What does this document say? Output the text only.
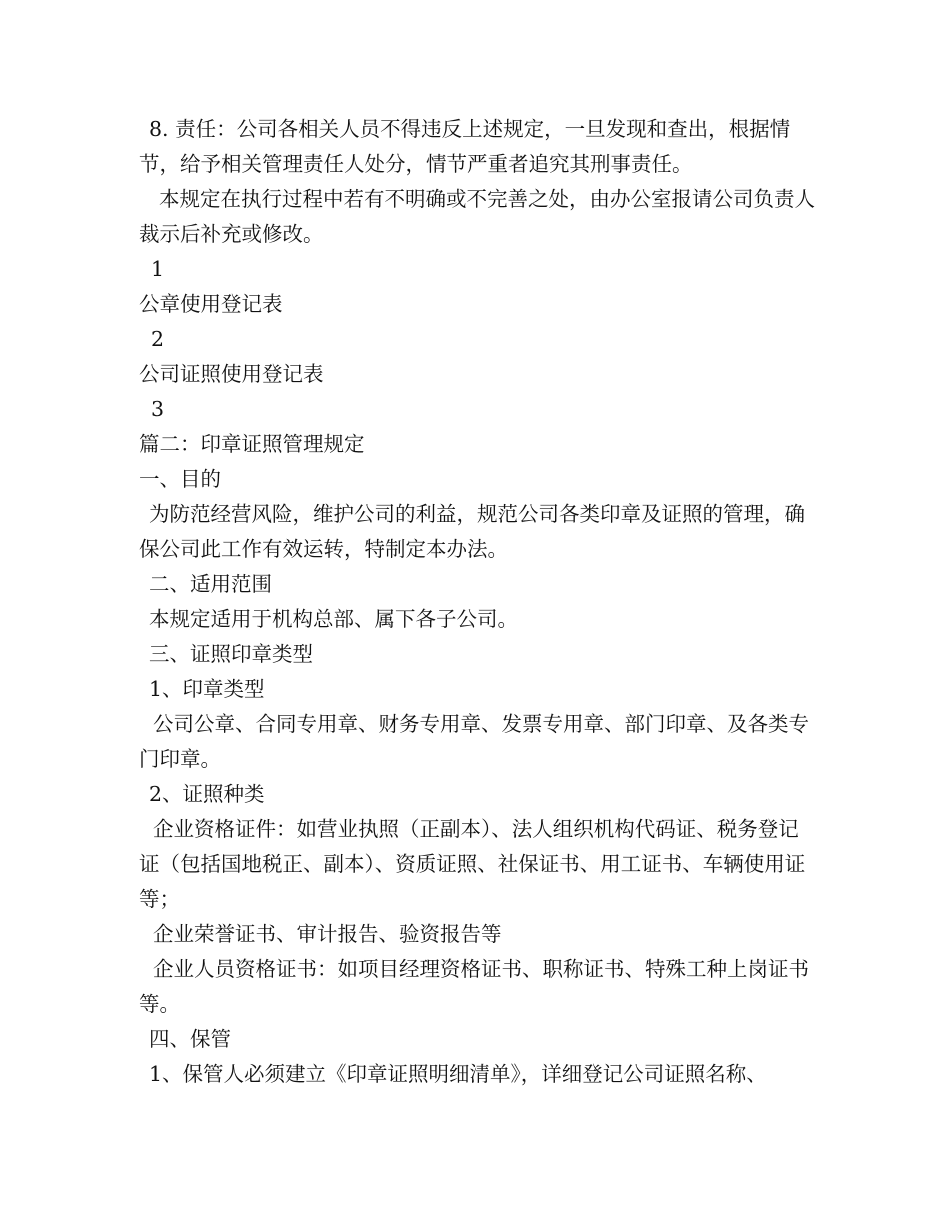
8. 责任：公司各相关人员不得违反上述规定，一旦发现和查出，根据情节，给予相关管理责任人处分，情节严重者追究其刑事责任。

本规定在执行过程中若有不明确或不完善之处，由办公室报请公司负责人裁示后补充或修改。

1

公章使用登记表

2

公司证照使用登记表

3

篇二：印章证照管理规定

一、目的

为防范经营风险，维护公司的利益，规范公司各类印章及证照的管理，确保公司此工作有效运转，特制定本办法。

二、适用范围

本规定适用于机构总部、属下各子公司。

三、证照印章类型

1、印章类型

公司公章、合同专用章、财务专用章、发票专用章、部门印章、及各类专门印章。

2、证照种类

企业资格证件：如营业执照（正副本）、法人组织机构代码证、税务登记证（包括国地税正、副本）、资质证照、社保证书、用工证书、车辆使用证等；

企业荣誉证书、审计报告、验资报告等

企业人员资格证书：如项目经理资格证书、职称证书、特殊工种上岗证书等。

四、保管

1、保管人必须建立《印章证照明细清单》，详细登记公司证照名称、
